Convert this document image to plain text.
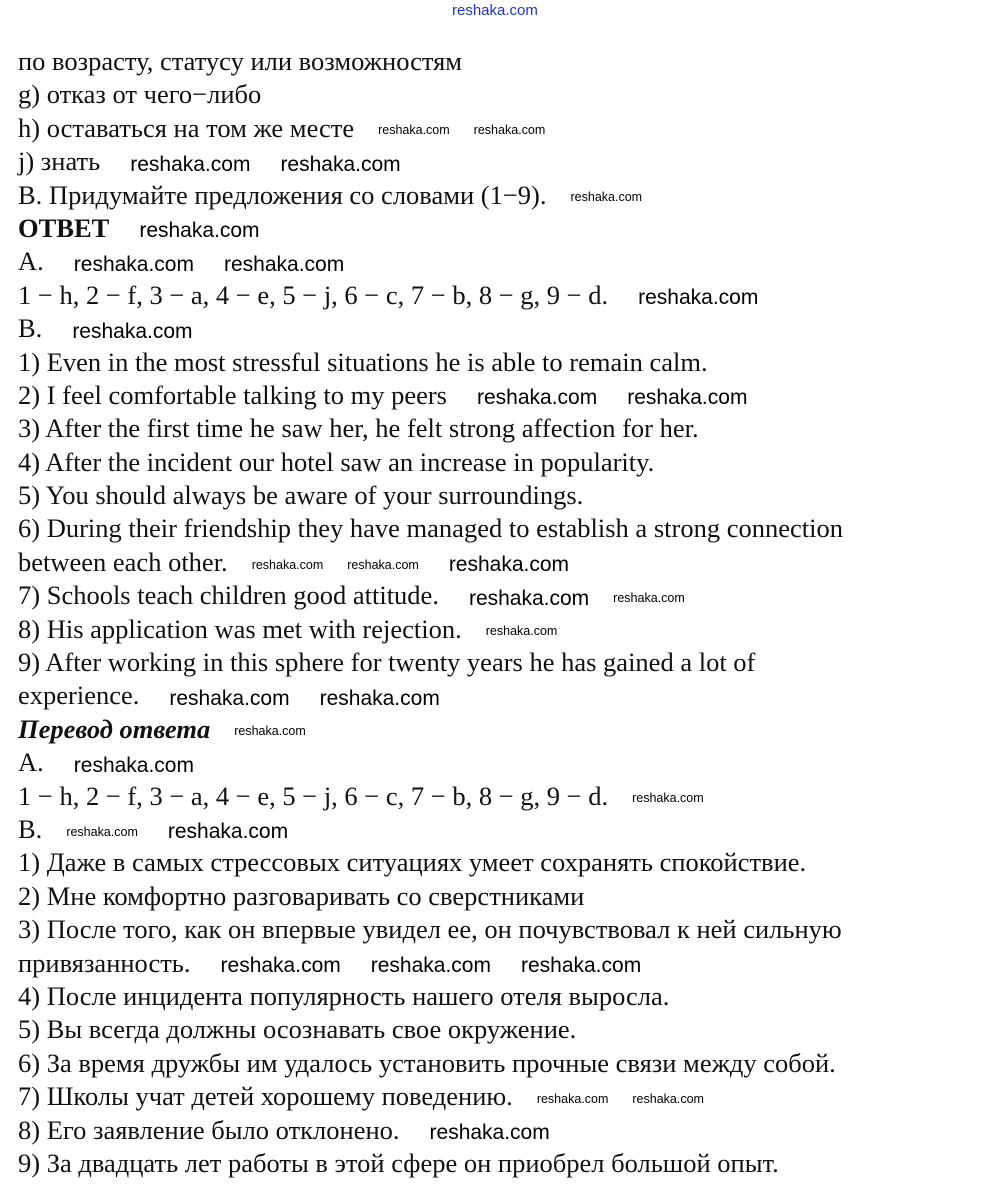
reshaka.com
по возрасту, статусу или возможностям
g) отказ от чего−либо
h) оставаться на том же месте reshaka.com reshaka.com
j) знать reshaka.com reshaka.com
B. Придумайте предложения со словами (1−9). reshaka.com
ОТВЕТ reshaka.com
A. reshaka.com reshaka.com
1 − h, 2 − f, 3 − a, 4 − e, 5 − j, 6 − c, 7 − b, 8 − g, 9 − d. reshaka.com
B. reshaka.com
1) Even in the most stressful situations he is able to remain calm.
2) I feel comfortable talking to my peers reshaka.com reshaka.com
3) After the first time he saw her, he felt strong affection for her.
4) After the incident our hotel saw an increase in popularity.
5) You should always be aware of your surroundings.
6) During their friendship they have managed to establish a strong connection
between each other. reshaka.com reshaka.com reshaka.com
7) Schools teach children good attitude. reshaka.com reshaka.com
8) His application was met with rejection. reshaka.com
9) After working in this sphere for twenty years he has gained a lot of
experience. reshaka.com reshaka.com
Перевод ответа reshaka.com
A. reshaka.com
1 − h, 2 − f, 3 − a, 4 − e, 5 − j, 6 − c, 7 − b, 8 − g, 9 − d. reshaka.com
B. reshaka.com reshaka.com
1) Даже в самых стрессовых ситуациях умеет сохранять спокойствие.
2) Мне комфортно разговаривать со сверстниками
3) После того, как он впервые увидел ее, он почувствовал к ней сильную
привязанность. reshaka.com reshaka.com reshaka.com
4) После инцидента популярность нашего отеля выросла.
5) Вы всегда должны осознавать свое окружение.
6) За время дружбы им удалось установить прочные связи между собой.
7) Школы учат детей хорошему поведению. reshaka.com reshaka.com
8) Его заявление было отклонено. reshaka.com
9) За двадцать лет работы в этой сфере он приобрел большой опыт.
